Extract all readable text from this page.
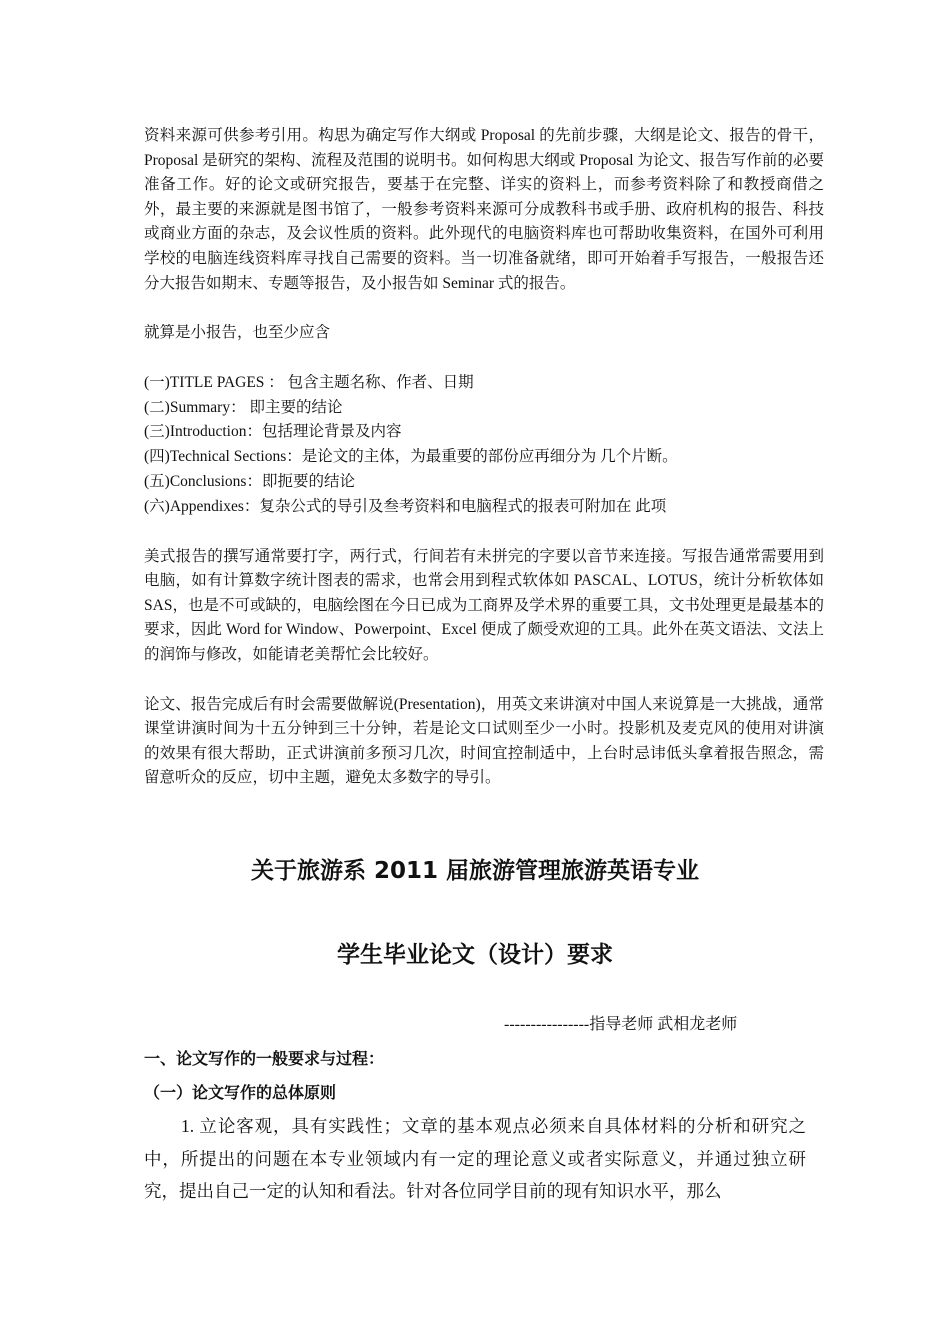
资料来源可供参考引用。构思为确定写作大纲或 Proposal 的先前步骤，大纲是论文、报告的骨干，Proposal 是研究的架构、流程及范围的说明书。如何构思大纲或 Proposal 为论文、报告写作前的必要准备工作。好的论文或研究报告，要基于在完整、详实的资料上，而参考资料除了和教授商借之外，最主要的来源就是图书馆了，一般参考资料来源可分成教科书或手册、政府机构的报告、科技或商业方面的杂志，及会议性质的资料。此外现代的电脑资料库也可帮助收集资料，在国外可利用学校的电脑连线资料库寻找自己需要的资料。当一切准备就绪，即可开始着手写报告，一般报告还分大报告如期末、专题等报告，及小报告如 Seminar 式的报告。

就算是小报告，也至少应含

(一)TITLE PAGES ： 包含主题名称、作者、日期

(二)Summary： 即主要的结论

(三)Introduction：包括理论背景及内容

(四)Technical Sections：是论文的主体，为最重要的部份应再细分为 几个片断。

(五)Conclusions：即扼要的结论

(六)Appendixes：复杂公式的导引及叁考资料和电脑程式的报表可附加在 此项

美式报告的撰写通常要打字，两行式，行间若有未拼完的字要以音节来连接。写报告通常需要用到电脑，如有计算数字统计图表的需求，也常会用到程式软体如 PASCAL、LOTUS，统计分析软体如 SAS，也是不可或缺的，电脑绘图在今日已成为工商界及学术界的重要工具，文书处理更是最基本的要求，因此 Word for Window、Powerpoint、Excel 便成了颇受欢迎的工具。此外在英文语法、文法上的润饰与修改，如能请老美帮忙会比较好。

论文、报告完成后有时会需要做解说(Presentation)，用英文来讲演对中国人来说算是一大挑战，通常课堂讲演时间为十五分钟到三十分钟，若是论文口试则至少一小时。投影机及麦克风的使用对讲演的效果有很大帮助，正式讲演前多预习几次，时间宜控制适中，上台时忌讳低头拿着报告照念，需留意听众的反应，切中主题，避免太多数字的导引。

关于旅游系 2011 届旅游管理旅游英语专业
学生毕业论文（设计）要求

----------------指导老师 武相龙老师

一、论文写作的一般要求与过程：
（一）论文写作的总体原则

1. 立论客观，具有实践性；文章的基本观点必须来自具体材料的分析和研究之中，所提出的问题在本专业领域内有一定的理论意义或者实际意义，并通过独立研究，提出自己一定的认知和看法。针对各位同学目前的现有知识水平，那么
